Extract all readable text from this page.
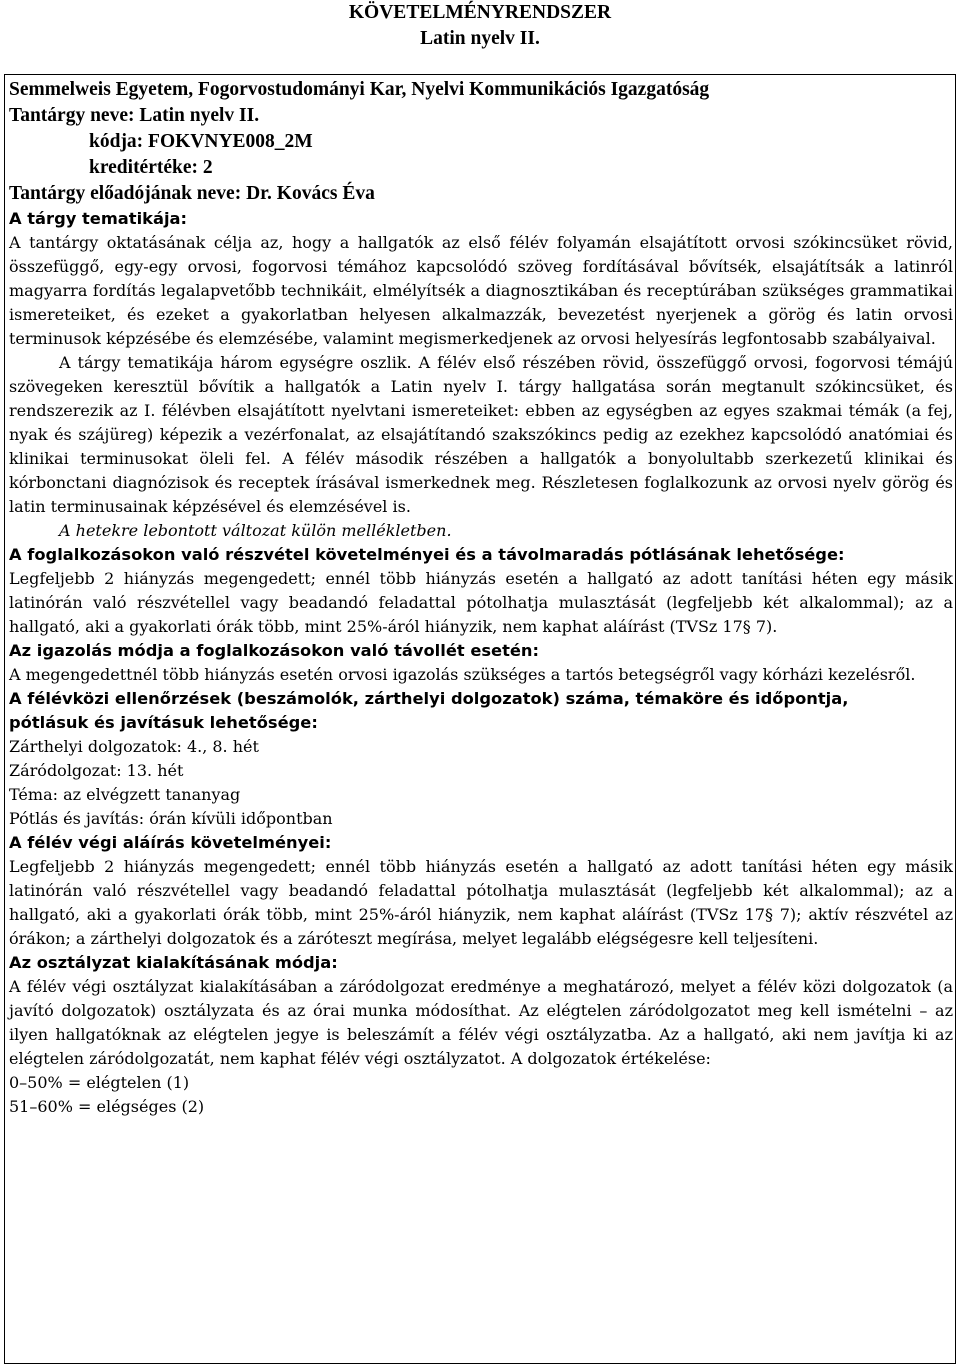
KÖVETELMÉNYRENDSZER
Latin nyelv II.
Semmelweis Egyetem, Fogorvostudományi Kar, Nyelvi Kommunikációs Igazgatóság
Tantárgy neve: Latin nyelv II.
kódja: FOKVNYE008_2M
kreditértéke: 2
Tantárgy előadójának neve: Dr. Kovács Éva
A tárgy tematikája:

A tantárgy oktatásának célja az, hogy a hallgatók az első félév folyamán elsajátított orvosi szókincsüket rövid, összefüggő, egy-egy orvosi, fogorvosi témához kapcsolódó szöveg fordításával bővítsék, elsajátítsák a latinról magyarra fordítás legalapvetőbb technikáit, elmélyítsék a diagnosztikában és receptúrában szükséges grammatikai ismereteiket, és ezeket a gyakorlatban helyesen alkalmazzák, bevezetést nyerjenek a görög és latin orvosi terminusok képzésébe és elemzésébe, valamint megismerkedjenek az orvosi helyesírás legfontosabb szabályaival.

A tárgy tematikája három egységre oszlik. A félév első részében rövid, összefüggő orvosi, fogorvosi témájú szövegeken keresztül bővítik a hallgatók a Latin nyelv I. tárgy hallgatása során megtanult szókincsüket, és rendszerezik az I. félévben elsajátított nyelvtani ismereteiket: ebben az egységben az egyes szakmai témák (a fej, nyak és szájüreg) képezik a vezérfonalat, az elsajátítandó szakszókincs pedig az ezekhez kapcsolódó anatómiai és klinikai terminusokat öleli fel. A félév második részében a hallgatók a bonyolultabb szerkezetű klinikai és kórbonctani diagnózisok és receptek írásával ismerkednek meg. Részletesen foglalkozunk az orvosi nyelv görög és latin terminusainak képzésével és elemzésével is.

A hetekre lebontott változat külön mellékletben.

A foglalkozásokon való részvétel követelményei és a távolmaradás pótlásának lehetősége:

Legfeljebb 2 hiányzás megengedett; ennél több hiányzás esetén a hallgató az adott tanítási héten egy másik latinórán való részvétellel vagy beadandó feladattal pótolhatja mulasztását (legfeljebb két alkalommal); az a hallgató, aki a gyakorlati órák több, mint 25%-áról hiányzik, nem kaphat aláírást (TVSz 17§ 7).

Az igazolás módja a foglalkozásokon való távollét esetén:

A megengedettnél több hiányzás esetén orvosi igazolás szükséges a tartós betegségről vagy kórházi kezelésről.

A félévközi ellenőrzések (beszámolók, zárthelyi dolgozatok) száma, témaköre és időpontja,
pótlásuk és javításuk lehetősége:
Zárthelyi dolgozatok: 4., 8. hét
Záródolgozat: 13. hét
Téma: az elvégzett tananyag
Pótlás és javítás: órán kívüli időpontban
A félév végi aláírás követelményei:

Legfeljebb 2 hiányzás megengedett; ennél több hiányzás esetén a hallgató az adott tanítási héten egy másik latinórán való részvétellel vagy beadandó feladattal pótolhatja mulasztását (legfeljebb két alkalommal); az a hallgató, aki a gyakorlati órák több, mint 25%-áról hiányzik, nem kaphat aláírást (TVSz 17§ 7); aktív részvétel az órákon; a zárthelyi dolgozatok és a záróteszt megírása, melyet legalább elégségesre kell teljesíteni.

Az osztályzat kialakításának módja:

A félév végi osztályzat kialakításában a záródolgozat eredménye a meghatározó, melyet a félév közi dolgozatok (a javító dolgozatok) osztályzata és az órai munka módosíthat. Az elégtelen záródolgozatot meg kell ismételni – az ilyen hallgatóknak az elégtelen jegye is beleszámít a félév végi osztályzatba. Az a hallgató, aki nem javítja ki az elégtelen záródolgozatát, nem kaphat félév végi osztályzatot. A dolgozatok értékelése:

0–50% = elégtelen (1)
51–60% = elégséges (2)
